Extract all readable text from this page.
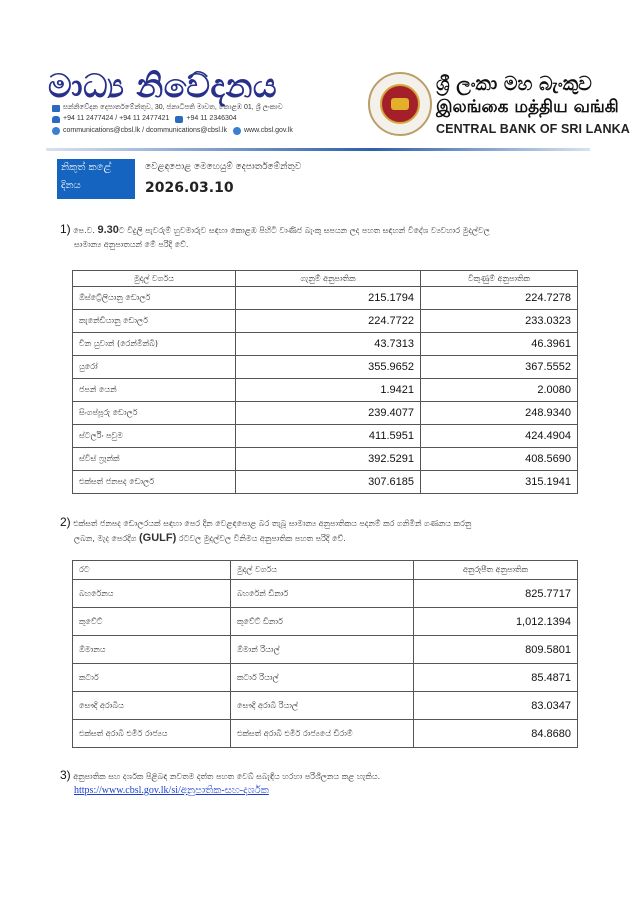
මාධ්‍ය නිවේදනය
සන්නිවේදන දෙපාර්තමේන්තුව, 30, ජනාධිපති මාවත, කොළඹ 01, ශ්‍රී ලංකාව
+94 11 2477424 / +94 11 2477421 +94 11 2346304
communications@cbsl.lk / dcommunications@cbsl.lk www.cbsl.gov.lk
ශ්‍රී ලංකා මහ බැංකුව
இலங்கை மத்திய வங்கி
CENTRAL BANK OF SRI LANKA
නිකුත් කළේ	වෙළඳපොළ මෙහෙයුම් දෙපාර්තමේන්තුව
දිනය	2026.03.10
1) පෙ.ව. 9.30ට විදුලි පැවරුම් හුවමාරුව සඳහා කොළඹ පිහිටි වාණිජ බැංකු සපයන ලද පහත සඳහන් විදේශ ව්‍යවහාර මුදල්වල
සාමාන්‍ය අනුපාතයන් මේ පරිදි වේ.
මුදල් වර්ගය	ගැනුම් අනුපාතික	විකුණුම් අනුපාතික
ඕස්ට්‍රේලියානු ඩොලර්	215.1794	224.7278
කැනේඩියානු ඩොලර්	224.7722	233.0323
චීන යුවාන් (රෙන්මින්බි)	43.7313	46.3961
යුරෝ	355.9652	367.5552
ජපන් යෙන්	1.9421	2.0080
සිංගප්පූරු ඩොලර්	239.4077	248.9340
ස්ටර්ලිං පවුම	411.5951	424.4904
ස්විස් ෆ්‍රෑන්ක්	392.5291	408.5690
එක්සත් ජනපද ඩොලර්	307.6185	315.1941
2) එක්සත් ජනපද ඩොලරයක් සඳහා පෙර දින වෙළඳපොළ බර තැබූ සාමාන්‍ය අනුපාතිකය පදනම් කර ගනිමින් ගණනය කරනු
ලබන, මැද පෙරදිග (GULF) රටවල මුදල්වල විනිමය අනුපාතික පහත පරිදි වේ.
රට	මුදල් වර්ගය	අනුරූපීත අනුපාතික
බහරේනය	බහරේන් ඩිනාර්	825.7717
කුවේට්	කුවේට් ඩිනාර්	1,012.1394
ඕමානය	ඕමාන් රියාල්	809.5801
කටාර්	කටාර් රියාල්	85.4871
සෞදි අරාබිය	සෞදි අරාබි රියාල්	83.0347
එක්සත් අරාබි එමීර් රාජ්‍යය	එක්සත් අරාබි එමීර් රාජ්‍යයේ ඩිරාම්	84.8680
3) අනුපාතික සහ දර්ශක පිළිබඳ නවතම දත්ත පහත වෙබ් සබැඳිය හරහා පරිශීලනය කළ හැකිය.
https://www.cbsl.gov.lk/si/අනුපාතික-සහ-දර්ශක
